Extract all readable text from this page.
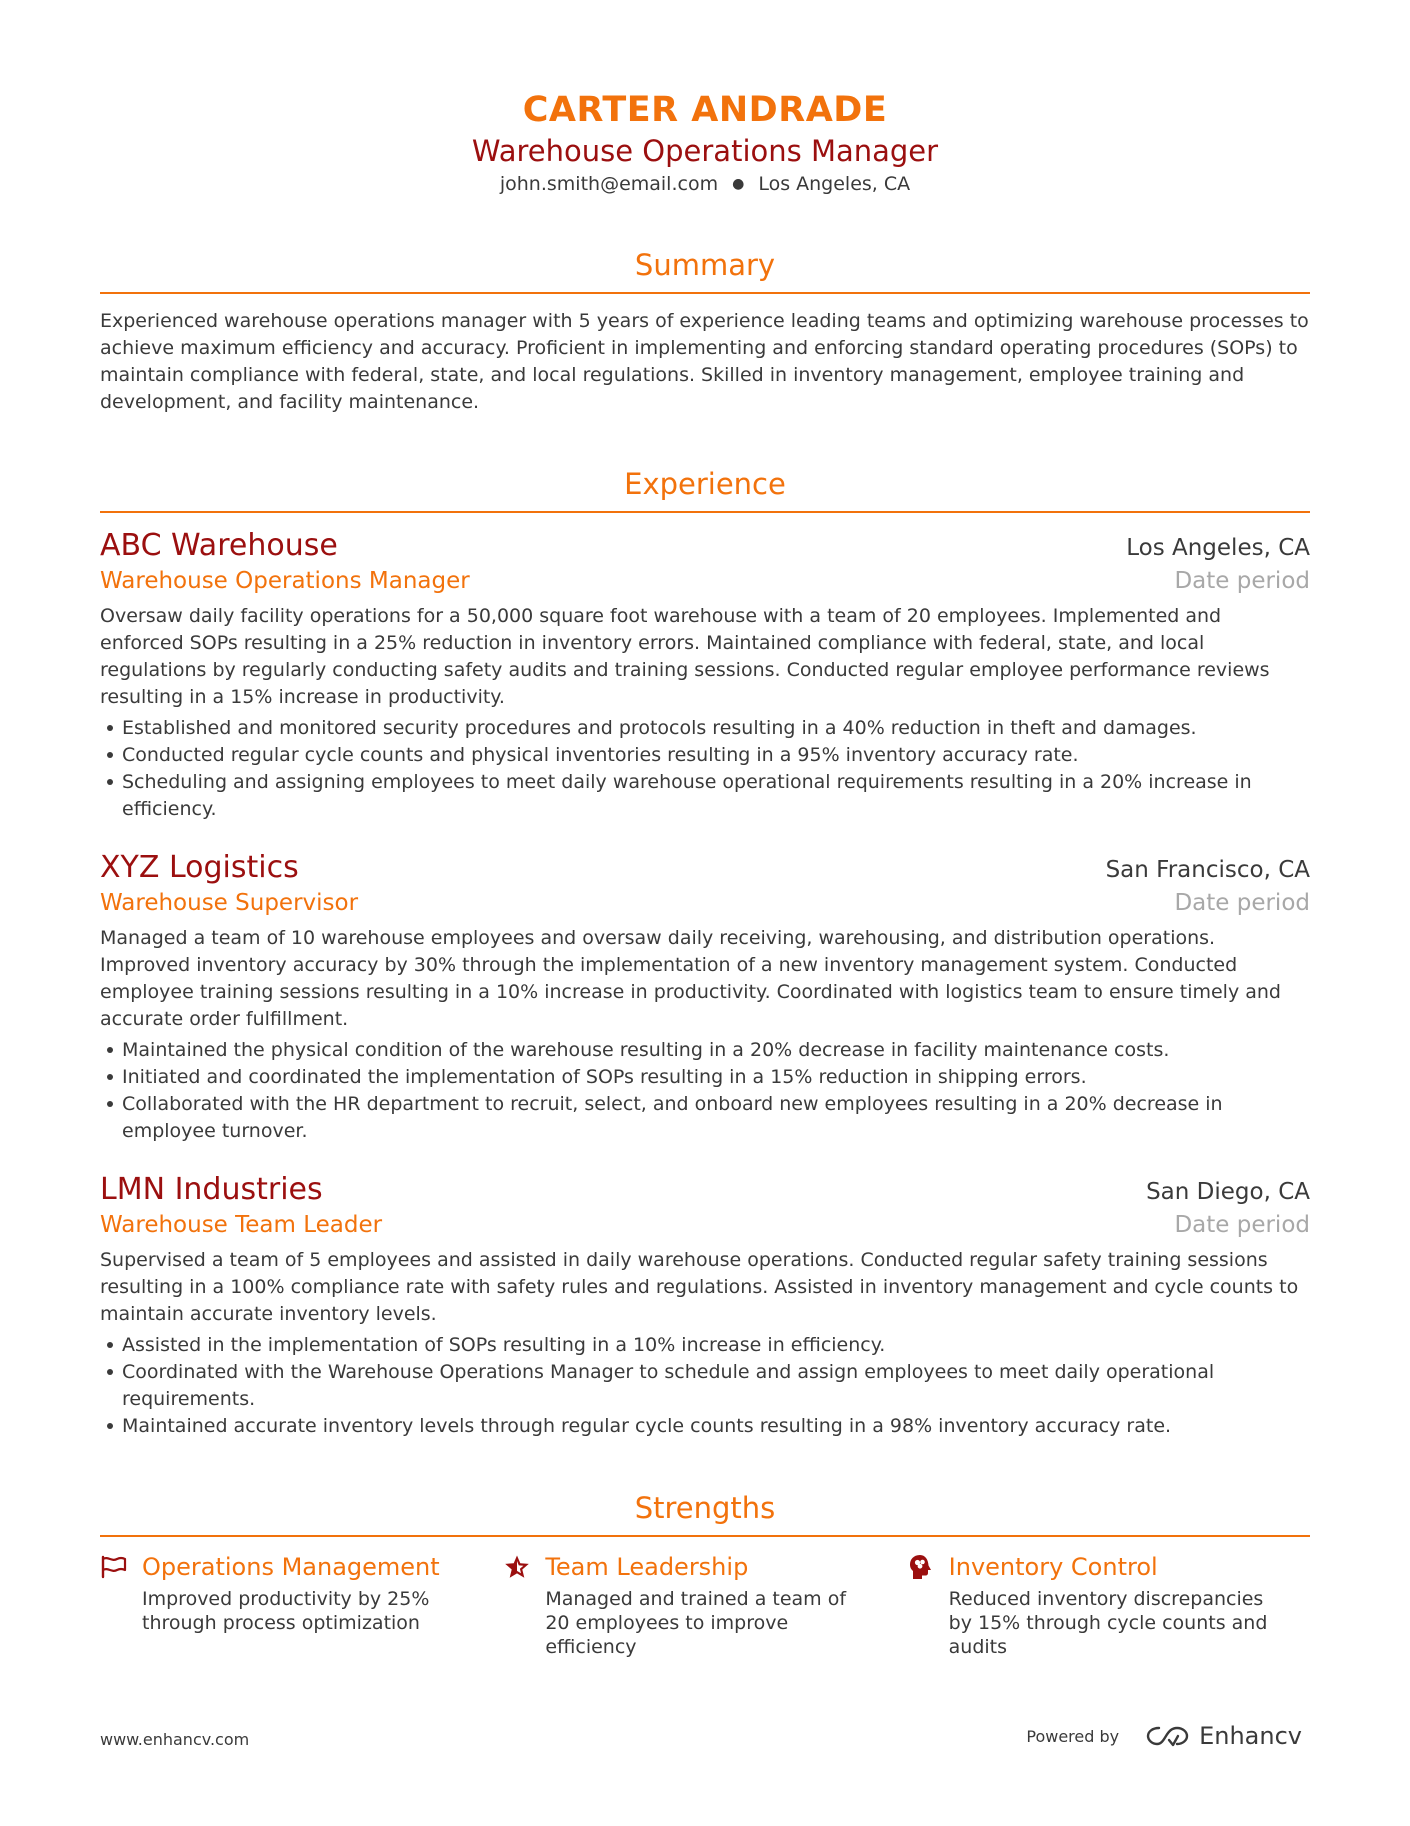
CARTER ANDRADE
Warehouse Operations Manager
john.smith@email.com ● Los Angeles, CA
Summary

Experienced warehouse operations manager with 5 years of experience leading teams and optimizing warehouse processes to achieve maximum efficiency and accuracy. Proficient in implementing and enforcing standard operating procedures (SOPs) to maintain compliance with federal, state, and local regulations. Skilled in inventory management, employee training and development, and facility maintenance.

Experience
ABC Warehouse	Los Angeles, CA
Warehouse Operations Manager	Date period

Oversaw daily facility operations for a 50,000 square foot warehouse with a team of 20 employees. Implemented and enforced SOPs resulting in a 25% reduction in inventory errors. Maintained compliance with federal, state, and local regulations by regularly conducting safety audits and training sessions. Conducted regular employee performance reviews resulting in a 15% increase in productivity.

Established and monitored security procedures and protocols resulting in a 40% reduction in theft and damages.
Conducted regular cycle counts and physical inventories resulting in a 95% inventory accuracy rate.
Scheduling and assigning employees to meet daily warehouse operational requirements resulting in a 20% increase in efficiency.
XYZ Logistics	San Francisco, CA
Warehouse Supervisor	Date period

Managed a team of 10 warehouse employees and oversaw daily receiving, warehousing, and distribution operations. Improved inventory accuracy by 30% through the implementation of a new inventory management system. Conducted employee training sessions resulting in a 10% increase in productivity. Coordinated with logistics team to ensure timely and accurate order fulfillment.

Maintained the physical condition of the warehouse resulting in a 20% decrease in facility maintenance costs.
Initiated and coordinated the implementation of SOPs resulting in a 15% reduction in shipping errors.
Collaborated with the HR department to recruit, select, and onboard new employees resulting in a 20% decrease in employee turnover.
LMN Industries	San Diego, CA
Warehouse Team Leader	Date period

Supervised a team of 5 employees and assisted in daily warehouse operations. Conducted regular safety training sessions resulting in a 100% compliance rate with safety rules and regulations. Assisted in inventory management and cycle counts to maintain accurate inventory levels.

Assisted in the implementation of SOPs resulting in a 10% increase in efficiency.
Coordinated with the Warehouse Operations Manager to schedule and assign employees to meet daily operational requirements.
Maintained accurate inventory levels through regular cycle counts resulting in a 98% inventory accuracy rate.
Strengths
Operations Management
Improved productivity by 25% through process optimization
Team Leadership
Managed and trained a team of 20 employees to improve efficiency
Inventory Control
Reduced inventory discrepancies by 15% through cycle counts and audits
www.enhancv.com	Powered by	Enhancv
